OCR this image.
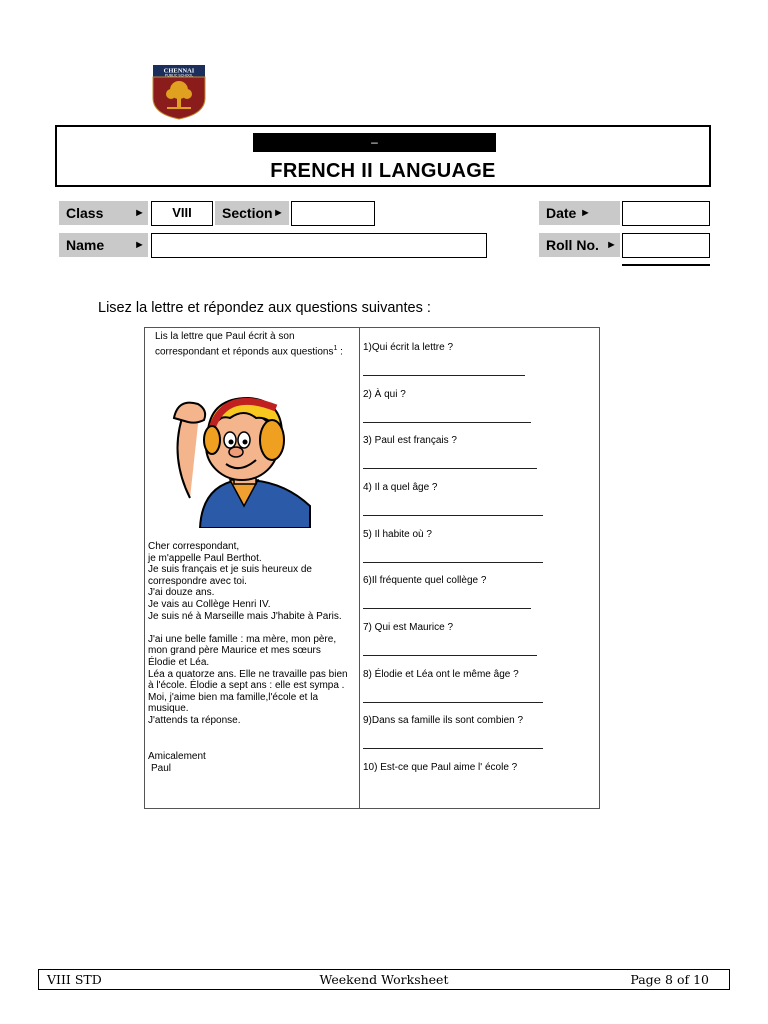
CHENNAI
PUBLIC SCHOOL
–
FRENCH II LANGUAGE
Class	►	VIII	Section ►	Date ►
Name	►	Roll No. ►
Lisez la lettre et répondez aux questions suivantes :
Lis la lettre que Paul écrit à son
correspondant et réponds aux questions$^1$ :
Cher correspondant,
je m'appelle Paul Berthot.
Je suis français et je suis heureux de
correspondre avec toi.
J'ai douze ans.
Je vais au Collège Henri IV.
Je suis né à Marseille mais J'habite à Paris.
J'ai une belle famille : ma mère, mon père,
mon grand père Maurice et mes sœurs
Élodie et Léa.
Léa a quatorze ans. Elle ne travaille pas bien
à l'école. Élodie a sept ans : elle est sympa .
Moi, j'aime bien ma famille,l'école et la
musique.
J'attends ta réponse.
Amicalement
Paul
1)Qui écrit la lettre ?
2) À qui ?
3) Paul est français ?
4) Il a quel âge ?
5) Il habite où ?
6)Il fréquente quel collège ?
7) Qui est Maurice ?
8) Élodie et Léa ont le même âge ?
9)Dans sa famille ils sont combien ?
10) Est-ce que Paul aime l' école ?
VIII STD	Weekend Worksheet	Page 8 of 10
